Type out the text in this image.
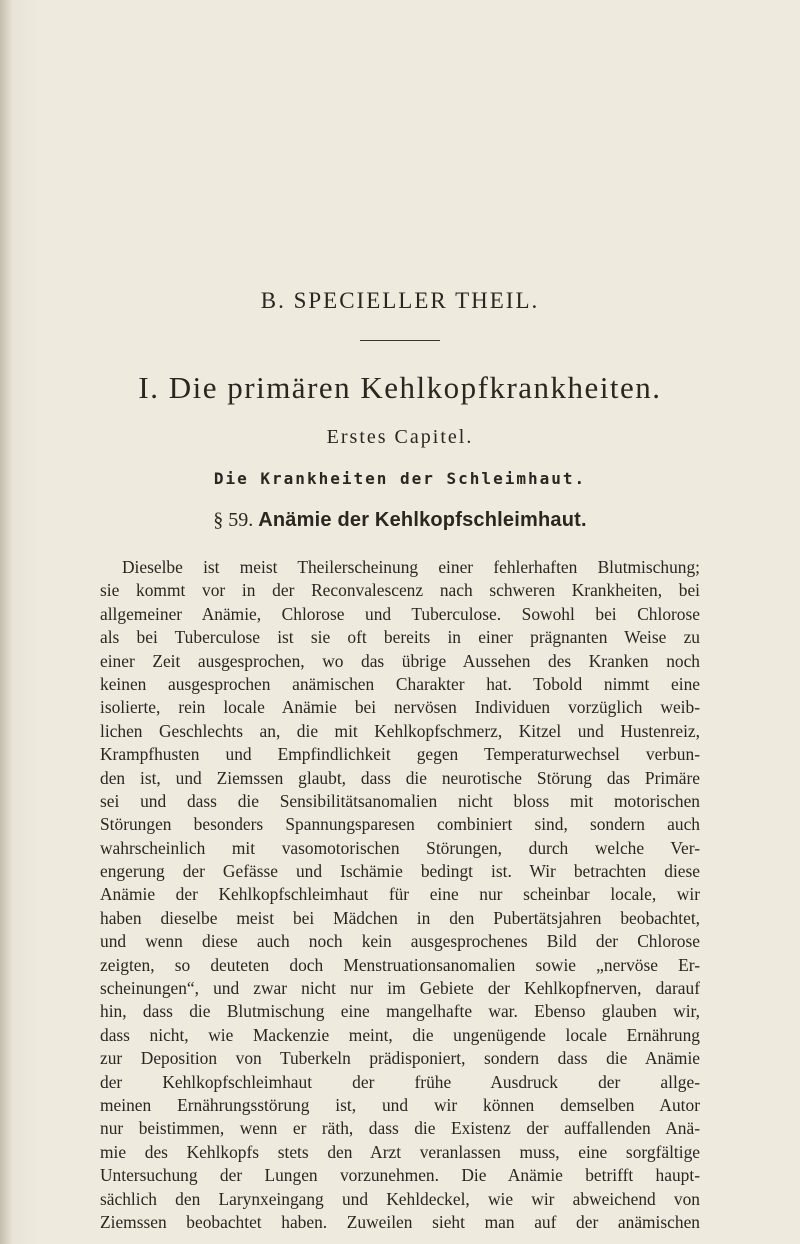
B. SPECIELLER THEIL.
I. Die primären Kehlkopfkrankheiten.
Erstes Capitel.
Die Krankheiten der Schleimhaut.
§ 59. Anämie der Kehlkopfschleimhaut.
Dieselbe ist meist Theilerscheinung einer fehlerhaften Blutmischung;
sie kommt vor in der Reconvalescenz nach schweren Krankheiten, bei
allgemeiner Anämie, Chlorose und Tuberculose. Sowohl bei Chlorose
als bei Tuberculose ist sie oft bereits in einer prägnanten Weise zu
einer Zeit ausgesprochen, wo das übrige Aussehen des Kranken noch
keinen ausgesprochen anämischen Charakter hat. Tobold nimmt eine
isolierte, rein locale Anämie bei nervösen Individuen vorzüglich weib-
lichen Geschlechts an, die mit Kehlkopfschmerz, Kitzel und Hustenreiz,
Krampfhusten und Empfindlichkeit gegen Temperaturwechsel verbun-
den ist, und Ziemssen glaubt, dass die neurotische Störung das Primäre
sei und dass die Sensibilitätsanomalien nicht bloss mit motorischen
Störungen besonders Spannungsparesen combiniert sind, sondern auch
wahrscheinlich mit vasomotorischen Störungen, durch welche Ver-
engerung der Gefässe und Ischämie bedingt ist. Wir betrachten diese
Anämie der Kehlkopfschleimhaut für eine nur scheinbar locale, wir
haben dieselbe meist bei Mädchen in den Pubertätsjahren beobachtet,
und wenn diese auch noch kein ausgesprochenes Bild der Chlorose
zeigten, so deuteten doch Menstruationsanomalien sowie „nervöse Er-
scheinungen“, und zwar nicht nur im Gebiete der Kehlkopfnerven, darauf
hin, dass die Blutmischung eine mangelhafte war. Ebenso glauben wir,
dass nicht, wie Mackenzie meint, die ungenügende locale Ernährung
zur Deposition von Tuberkeln prädisponiert, sondern dass die Anämie
der Kehlkopfschleimhaut der frühe Ausdruck der allge-
meinen Ernährungsstörung ist, und wir können demselben Autor
nur beistimmen, wenn er räth, dass die Existenz der auffallenden Anä-
mie des Kehlkopfs stets den Arzt veranlassen muss, eine sorgfältige
Untersuchung der Lungen vorzunehmen. Die Anämie betrifft haupt-
sächlich den Larynxeingang und Kehldeckel, wie wir abweichend von
Ziemssen beobachtet haben. Zuweilen sieht man auf der anämischen
